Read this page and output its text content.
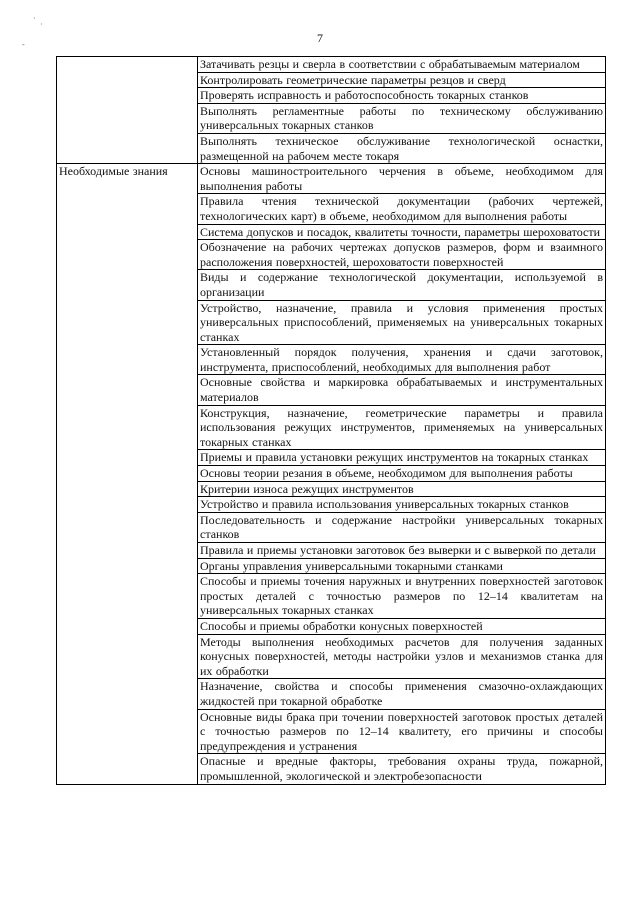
·
·
-	7
	Затачивать резцы и сверла в соответствии с обрабатываемым материалом
	Контролировать геометрические параметры резцов и сверд
	Проверять исправность и работоспособность токарных станков
	Выполнять регламентные работы по техническому обслуживанию универсальных токарных станков
	Выполнять техническое обслуживание технологической оснастки, размещенной на рабочем месте токаря
Необходимые знания	Основы машиностроительного черчения в объеме, необходимом для выполнения работы
	Правила чтения технической документации (рабочих чертежей, технологических карт) в объеме, необходимом для выполнения работы
	Система допусков и посадок, квалитеты точности, параметры шероховатости
	Обозначение на рабочих чертежах допусков размеров, форм и взаимного расположения поверхностей, шероховатости поверхностей
	Виды и содержание технологической документации, используемой в организации
	Устройство, назначение, правила и условия применения простых универсальных приспособлений, применяемых на универсальных токарных станках
	Установленный порядок получения, хранения и сдачи заготовок, инструмента, приспособлений, необходимых для выполнения работ
	Основные свойства и маркировка обрабатываемых и инструментальных материалов
	Конструкция, назначение, геометрические параметры и правила использования режущих инструментов, применяемых на универсальных токарных станках
	Приемы и правила установки режущих инструментов на токарных станках
	Основы теории резания в объеме, необходимом для выполнения работы
	Критерии износа режущих инструментов
	Устройство и правила использования универсальных токарных станков
	Последовательность и содержание настройки универсальных токарных станков
	Правила и приемы установки заготовок без выверки и с выверкой по детали
	Органы управления универсальными токарными станками
	Способы и приемы точения наружных и внутренних поверхностей заготовок простых деталей с точностью размеров по 12–14 квалитетам на универсальных токарных станках
	Способы и приемы обработки конусных поверхностей
	Методы выполнения необходимых расчетов для получения заданных конусных поверхностей, методы настройки узлов и механизмов станка для их обработки
	Назначение, свойства и способы применения смазочно-охлаждающих жидкостей при токарной обработке
	Основные виды брака при точении поверхностей заготовок простых деталей с точностью размеров по 12–14 квалитету, его причины и способы предупреждения и устранения
	Опасные и вредные факторы, требования охраны труда, пожарной, промышленной, экологической и электробезопасности
